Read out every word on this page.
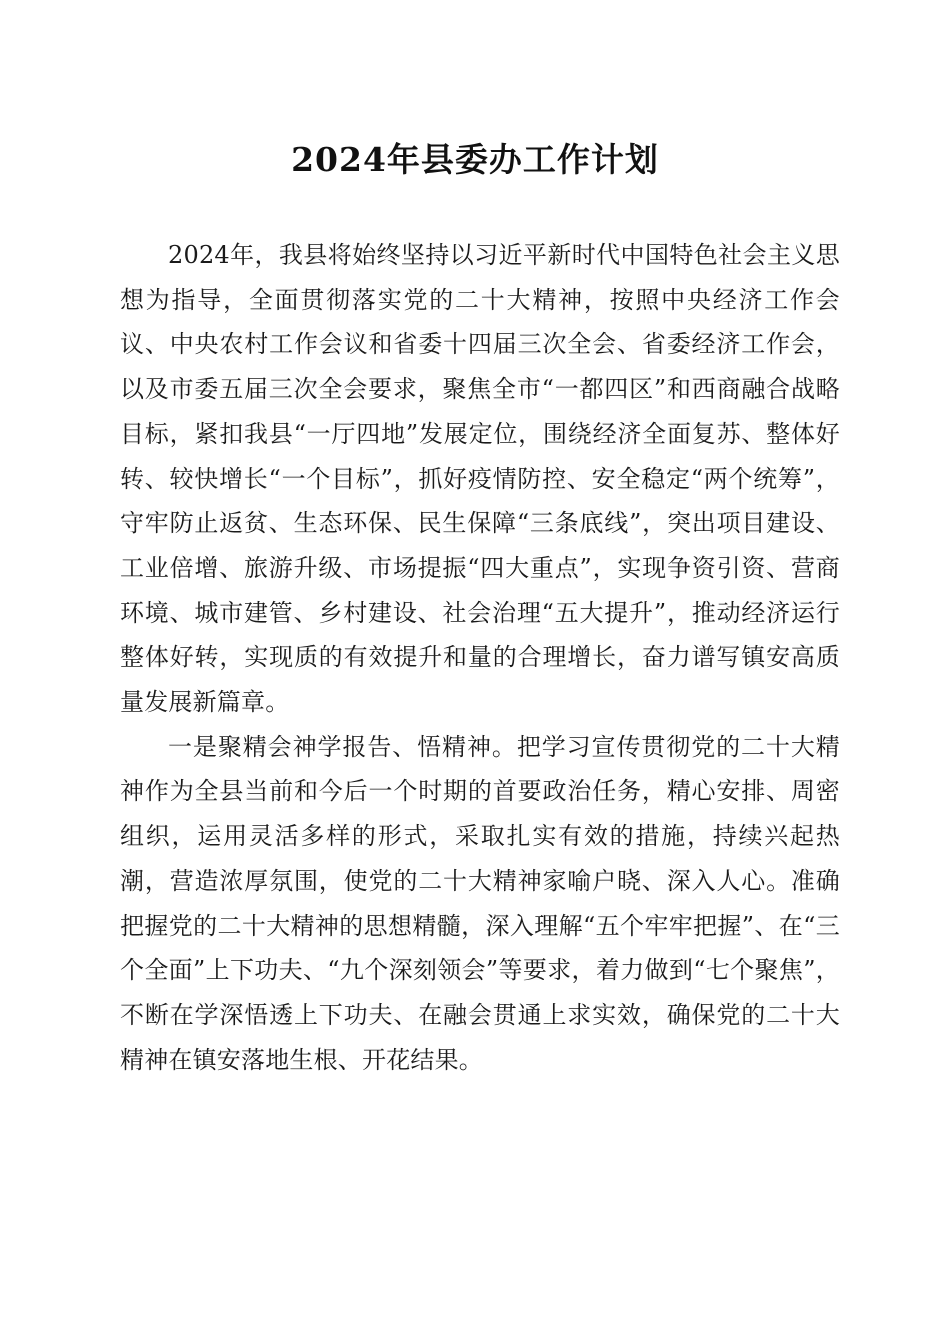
2024年县委办工作计划

2024年，我县将始终坚持以习近平新时代中国特色社会主义思想为指导，全面贯彻落实党的二十大精神，按照中央经济工作会议、中央农村工作会议和省委十四届三次全会、省委经济工作会，以及市委五届三次全会要求，聚焦全市“一都四区”和西商融合战略目标，紧扣我县“一厅四地”发展定位，围绕经济全面复苏、整体好转、较快增长“一个目标”，抓好疫情防控、安全稳定“两个统筹”，守牢防止返贫、生态环保、民生保障“三条底线”，突出项目建设、工业倍增、旅游升级、市场提振“四大重点”，实现争资引资、营商环境、城市建管、乡村建设、社会治理“五大提升”，推动经济运行整体好转，实现质的有效提升和量的合理增长，奋力谱写镇安高质量发展新篇章。

一是聚精会神学报告、悟精神。把学习宣传贯彻党的二十大精神作为全县当前和今后一个时期的首要政治任务，精心安排、周密组织，运用灵活多样的形式，采取扎实有效的措施，持续兴起热潮，营造浓厚氛围，使党的二十大精神家喻户晓、深入人心。准确把握党的二十大精神的思想精髓，深入理解“五个牢牢把握”、在“三个全面”上下功夫、“九个深刻领会”等要求，着力做到“七个聚焦”，不断在学深悟透上下功夫、在融会贯通上求实效，确保党的二十大精神在镇安落地生根、开花结果。
